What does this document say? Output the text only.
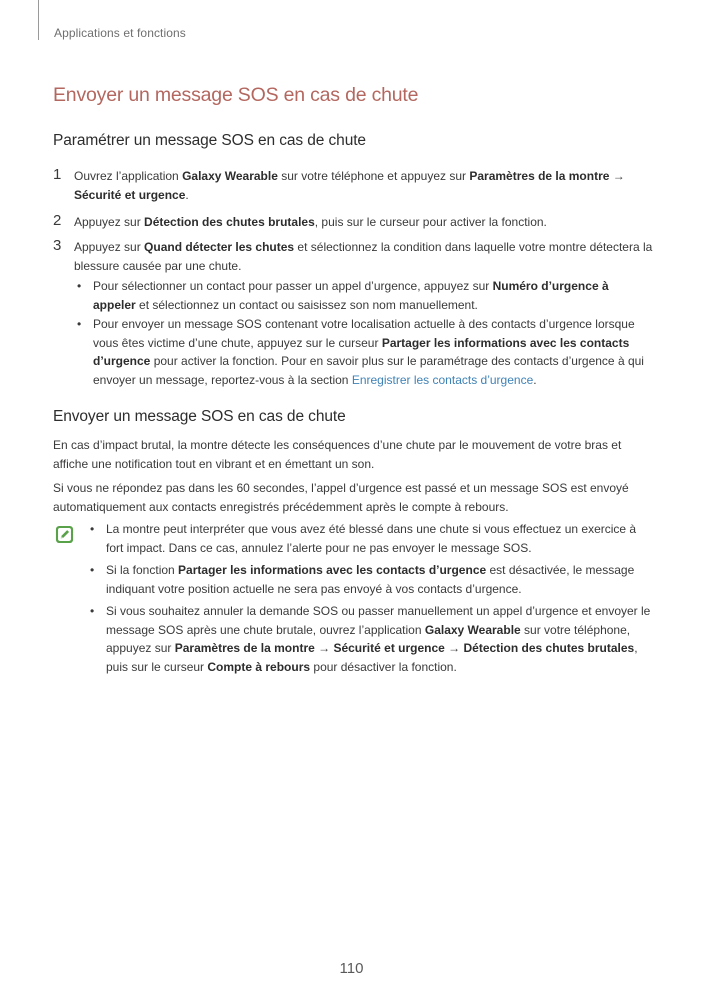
Applications et fonctions
Envoyer un message SOS en cas de chute
Paramétrer un message SOS en cas de chute
1 Ouvrez l’application Galaxy Wearable sur votre téléphone et appuyez sur Paramètres de la montre → Sécurité et urgence.

2 Appuyez sur Détection des chutes brutales, puis sur le curseur pour activer la fonction.

3 Appuyez sur Quand détecter les chutes et sélectionnez la condition dans laquelle votre montre détectera la blessure causée par une chute.

• Pour sélectionner un contact pour passer un appel d’urgence, appuyez sur Numéro d’urgence à appeler et sélectionnez un contact ou saisissez son nom manuellement.
• Pour envoyer un message SOS contenant votre localisation actuelle à des contacts d’urgence lorsque vous êtes victime d’une chute, appuyez sur le curseur Partager les informations avec les contacts d’urgence pour activer la fonction. Pour en savoir plus sur le paramétrage des contacts d’urgence à qui envoyer un message, reportez-vous à la section Enregistrer les contacts d’urgence.
Envoyer un message SOS en cas de chute

En cas d’impact brutal, la montre détecte les conséquences d’une chute par le mouvement de votre bras et affiche une notification tout en vibrant et en émettant un son.

Si vous ne répondez pas dans les 60 secondes, l’appel d’urgence est passé et un message SOS est envoyé automatiquement aux contacts enregistrés précédemment après le compte à rebours.

• La montre peut interpréter que vous avez été blessé dans une chute si vous effectuez un exercice à fort impact. Dans ce cas, annulez l’alerte pour ne pas envoyer le message SOS.
• Si la fonction Partager les informations avec les contacts d’urgence est désactivée, le message indiquant votre position actuelle ne sera pas envoyé à vos contacts d’urgence.
• Si vous souhaitez annuler la demande SOS ou passer manuellement un appel d’urgence et envoyer le message SOS après une chute brutale, ouvrez l’application Galaxy Wearable sur votre téléphone, appuyez sur Paramètres de la montre → Sécurité et urgence → Détection des chutes brutales, puis sur le curseur Compte à rebours pour désactiver la fonction.
110
